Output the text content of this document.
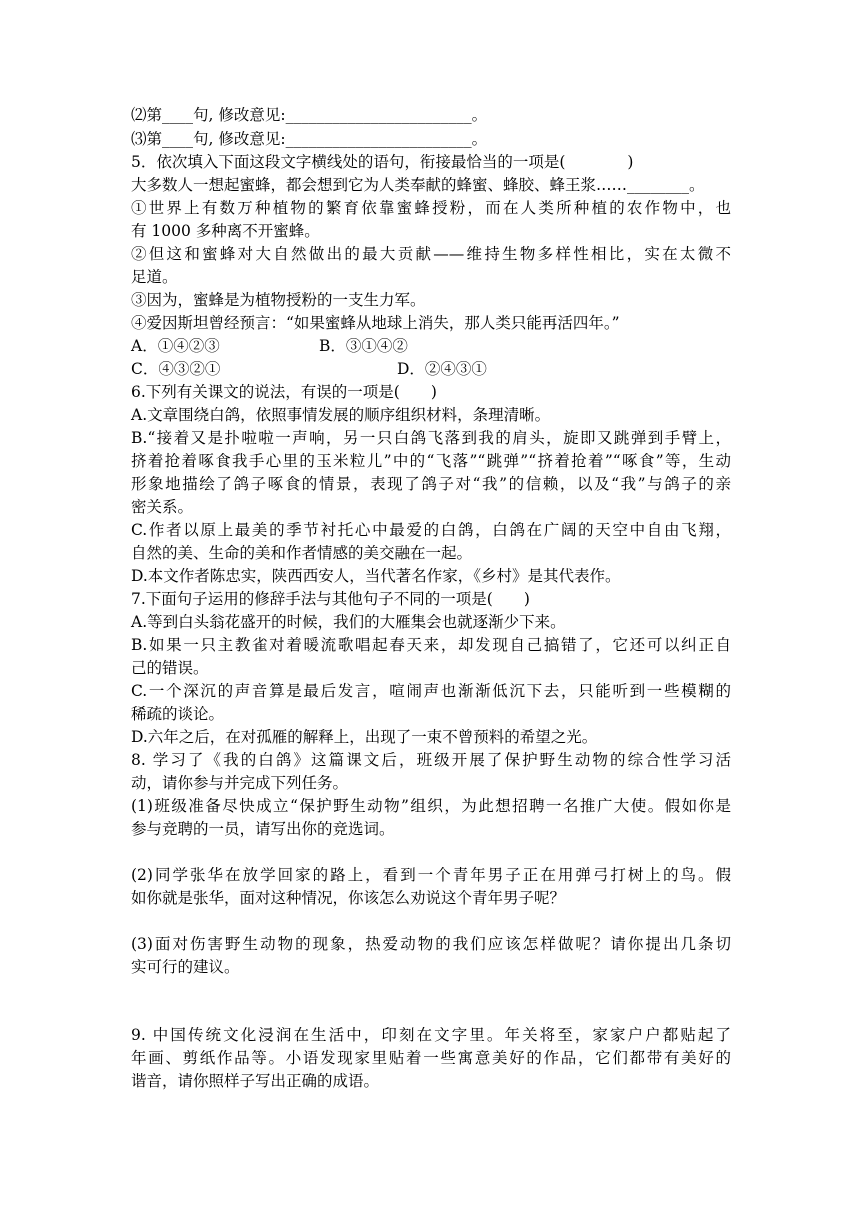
⑵第____句, 修改意见:________________________。
⑶第____句, 修改意见:________________________。
5．依次填入下面这段文字横线处的语句，衔接最恰当的一项是(　　　　)
大多数人一想起蜜蜂，都会想到它为人类奉献的蜂蜜、蜂胶、蜂王浆……________。
①世界上有数万种植物的繁育依靠蜜蜂授粉，而在人类所种植的农作物中，也
有 1000 多种离不开蜜蜂。
②但这和蜜蜂对大自然做出的最大贡献——维持生物多样性相比，实在太微不
足道。
③因为，蜜蜂是为植物授粉的一支生力军。
④爱因斯坦曾经预言：“如果蜜蜂从地球上消失，那人类只能再活四年。”
A．①④②③	B．③①④②
C．④③②①	D．②④③①
6.下列有关课文的说法，有误的一项是(　　)
A.文章围绕白鸽，依照事情发展的顺序组织材料，条理清晰。
B.“接着又是扑啦啦一声响，另一只白鸽飞落到我的肩头，旋即又跳弹到手臂上，
挤着抢着啄食我手心里的玉米粒儿”中的“飞落”“跳弹”“挤着抢着”“啄食”等，生动
形象地描绘了鸽子啄食的情景，表现了鸽子对“我”的信赖，以及“我”与鸽子的亲
密关系。
C.作者以原上最美的季节衬托心中最爱的白鸽，白鸽在广阔的天空中自由飞翔，
自然的美、生命的美和作者情感的美交融在一起。
D.本文作者陈忠实，陕西西安人，当代著名作家，《乡村》是其代表作。
7.下面句子运用的修辞手法与其他句子不同的一项是(　　)
A.等到白头翁花盛开的时候，我们的大雁集会也就逐渐少下来。
B.如果一只主教雀对着暖流歌唱起春天来，却发现自己搞错了，它还可以纠正自
己的错误。
C.一个深沉的声音算是最后发言，喧闹声也渐渐低沉下去，只能听到一些模糊的
稀疏的谈论。
D.六年之后，在对孤雁的解释上，出现了一束不曾预料的希望之光。
8. 学习了《我的白鸽》这篇课文后，班级开展了保护野生动物的综合性学习活
动，请你参与并完成下列任务。
(1)班级准备尽快成立“保护野生动物”组织，为此想招聘一名推广大使。假如你是
参与竞聘的一员，请写出你的竞选词。
(2)同学张华在放学回家的路上，看到一个青年男子正在用弹弓打树上的鸟。假
如你就是张华，面对这种情况，你该怎么劝说这个青年男子呢？
(3)面对伤害野生动物的现象，热爱动物的我们应该怎样做呢？请你提出几条切
实可行的建议。
9. 中国传统文化浸润在生活中，印刻在文字里。年关将至，家家户户都贴起了
年画、剪纸作品等。小语发现家里贴着一些寓意美好的作品，它们都带有美好的
谐音，请你照样子写出正确的成语。
